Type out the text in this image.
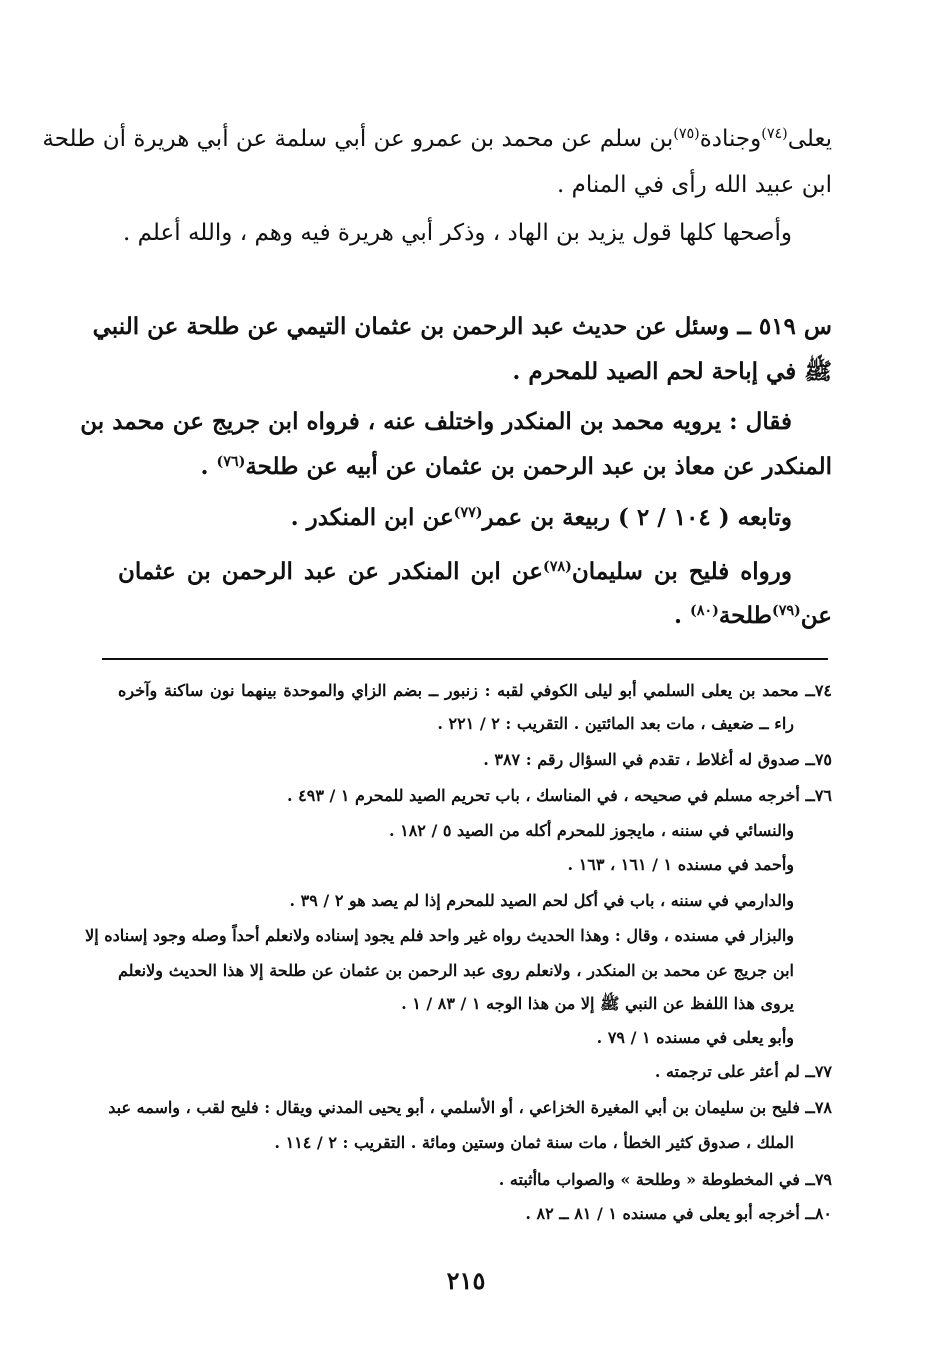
يعلى$^{(٧٤)}$وجنادة$^{(٧٥)}$بن سلم عن محمد بن عمرو عن أبي سلمة عن أبي هريرة أن طلحة

ابن عبيد الله رأى في المنام .

وأصحها كلها قول يزيد بن الهاد ، وذكر أبي هريرة فيه وهم ، والله أعلم .

س ٥١٩ ــ وسئل عن حديث عبد الرحمن بن عثمان التيمي عن طلحة عن النبي

ﷺ في إباحة لحم الصيد للمحرم .

فقال : يرويه محمد بن المنكدر واختلف عنه ، فرواه ابن جريج عن محمد بن

المنكدر عن معاذ بن عبد الرحمن بن عثمان عن أبيه عن طلحة$^{(٧٦)}$ .

وتابعه ( ١٠٤ / ٢ ) ربيعة بن عمر$^{(٧٧)}$عن ابن المنكدر .

ورواه فليح بن سليمان$^{(٧٨)}$عن ابن المنكدر عن عبد الرحمن بن عثمان

عن$^{(٧٩)}$طلحة$^{(٨٠)}$ .

٧٤ــ محمد بن يعلى السلمي أبو ليلى الكوفي لقبه : زنبور ــ بضم الزاي والموحدة بينهما نون ساكنة وآخره

راء ــ ضعيف ، مات بعد المائتين . التقريب : ٢ / ٢٢١ .

٧٥ــ صدوق له أغلاط ، تقدم في السؤال رقم : ٣٨٧ .

٧٦ــ أخرجه مسلم في صحيحه ، في المناسك ، باب تحريم الصيد للمحرم ١ / ٤٩٣ .

والنسائي في سننه ، مايجوز للمحرم أكله من الصيد ٥ / ١٨٢ .

وأحمد في مسنده ١ / ١٦١ ، ١٦٣ .

والدارمي في سننه ، باب في أكل لحم الصيد للمحرم إذا لم يصد هو ٢ / ٣٩ .

والبزار في مسنده ، وقال : وهذا الحديث رواه غير واحد فلم يجود إسناده ولانعلم أحداً وصله وجود إسناده إلا

ابن جريج عن محمد بن المنكدر ، ولانعلم روى عبد الرحمن بن عثمان عن طلحة إلا هذا الحديث ولانعلم

يروى هذا اللفظ عن النبي ﷺ إلا من هذا الوجه ١ / ٨٣ / ١ .

وأبو يعلى في مسنده ١ / ٧٩ .

٧٧ــ لم أعثر على ترجمته .

٧٨ــ فليح بن سليمان بن أبي المغيرة الخزاعي ، أو الأسلمي ، أبو يحيى المدني ويقال : فليح لقب ، واسمه عبد

الملك ، صدوق كثير الخطأ ، مات سنة ثمان وستين ومائة . التقريب : ٢ / ١١٤ .

٧٩ــ في المخطوطة « وطلحة » والصواب ماأثبته .

٨٠ــ أخرجه أبو يعلى في مسنده ١ / ٨١ ــ ٨٢ .

٢١٥
